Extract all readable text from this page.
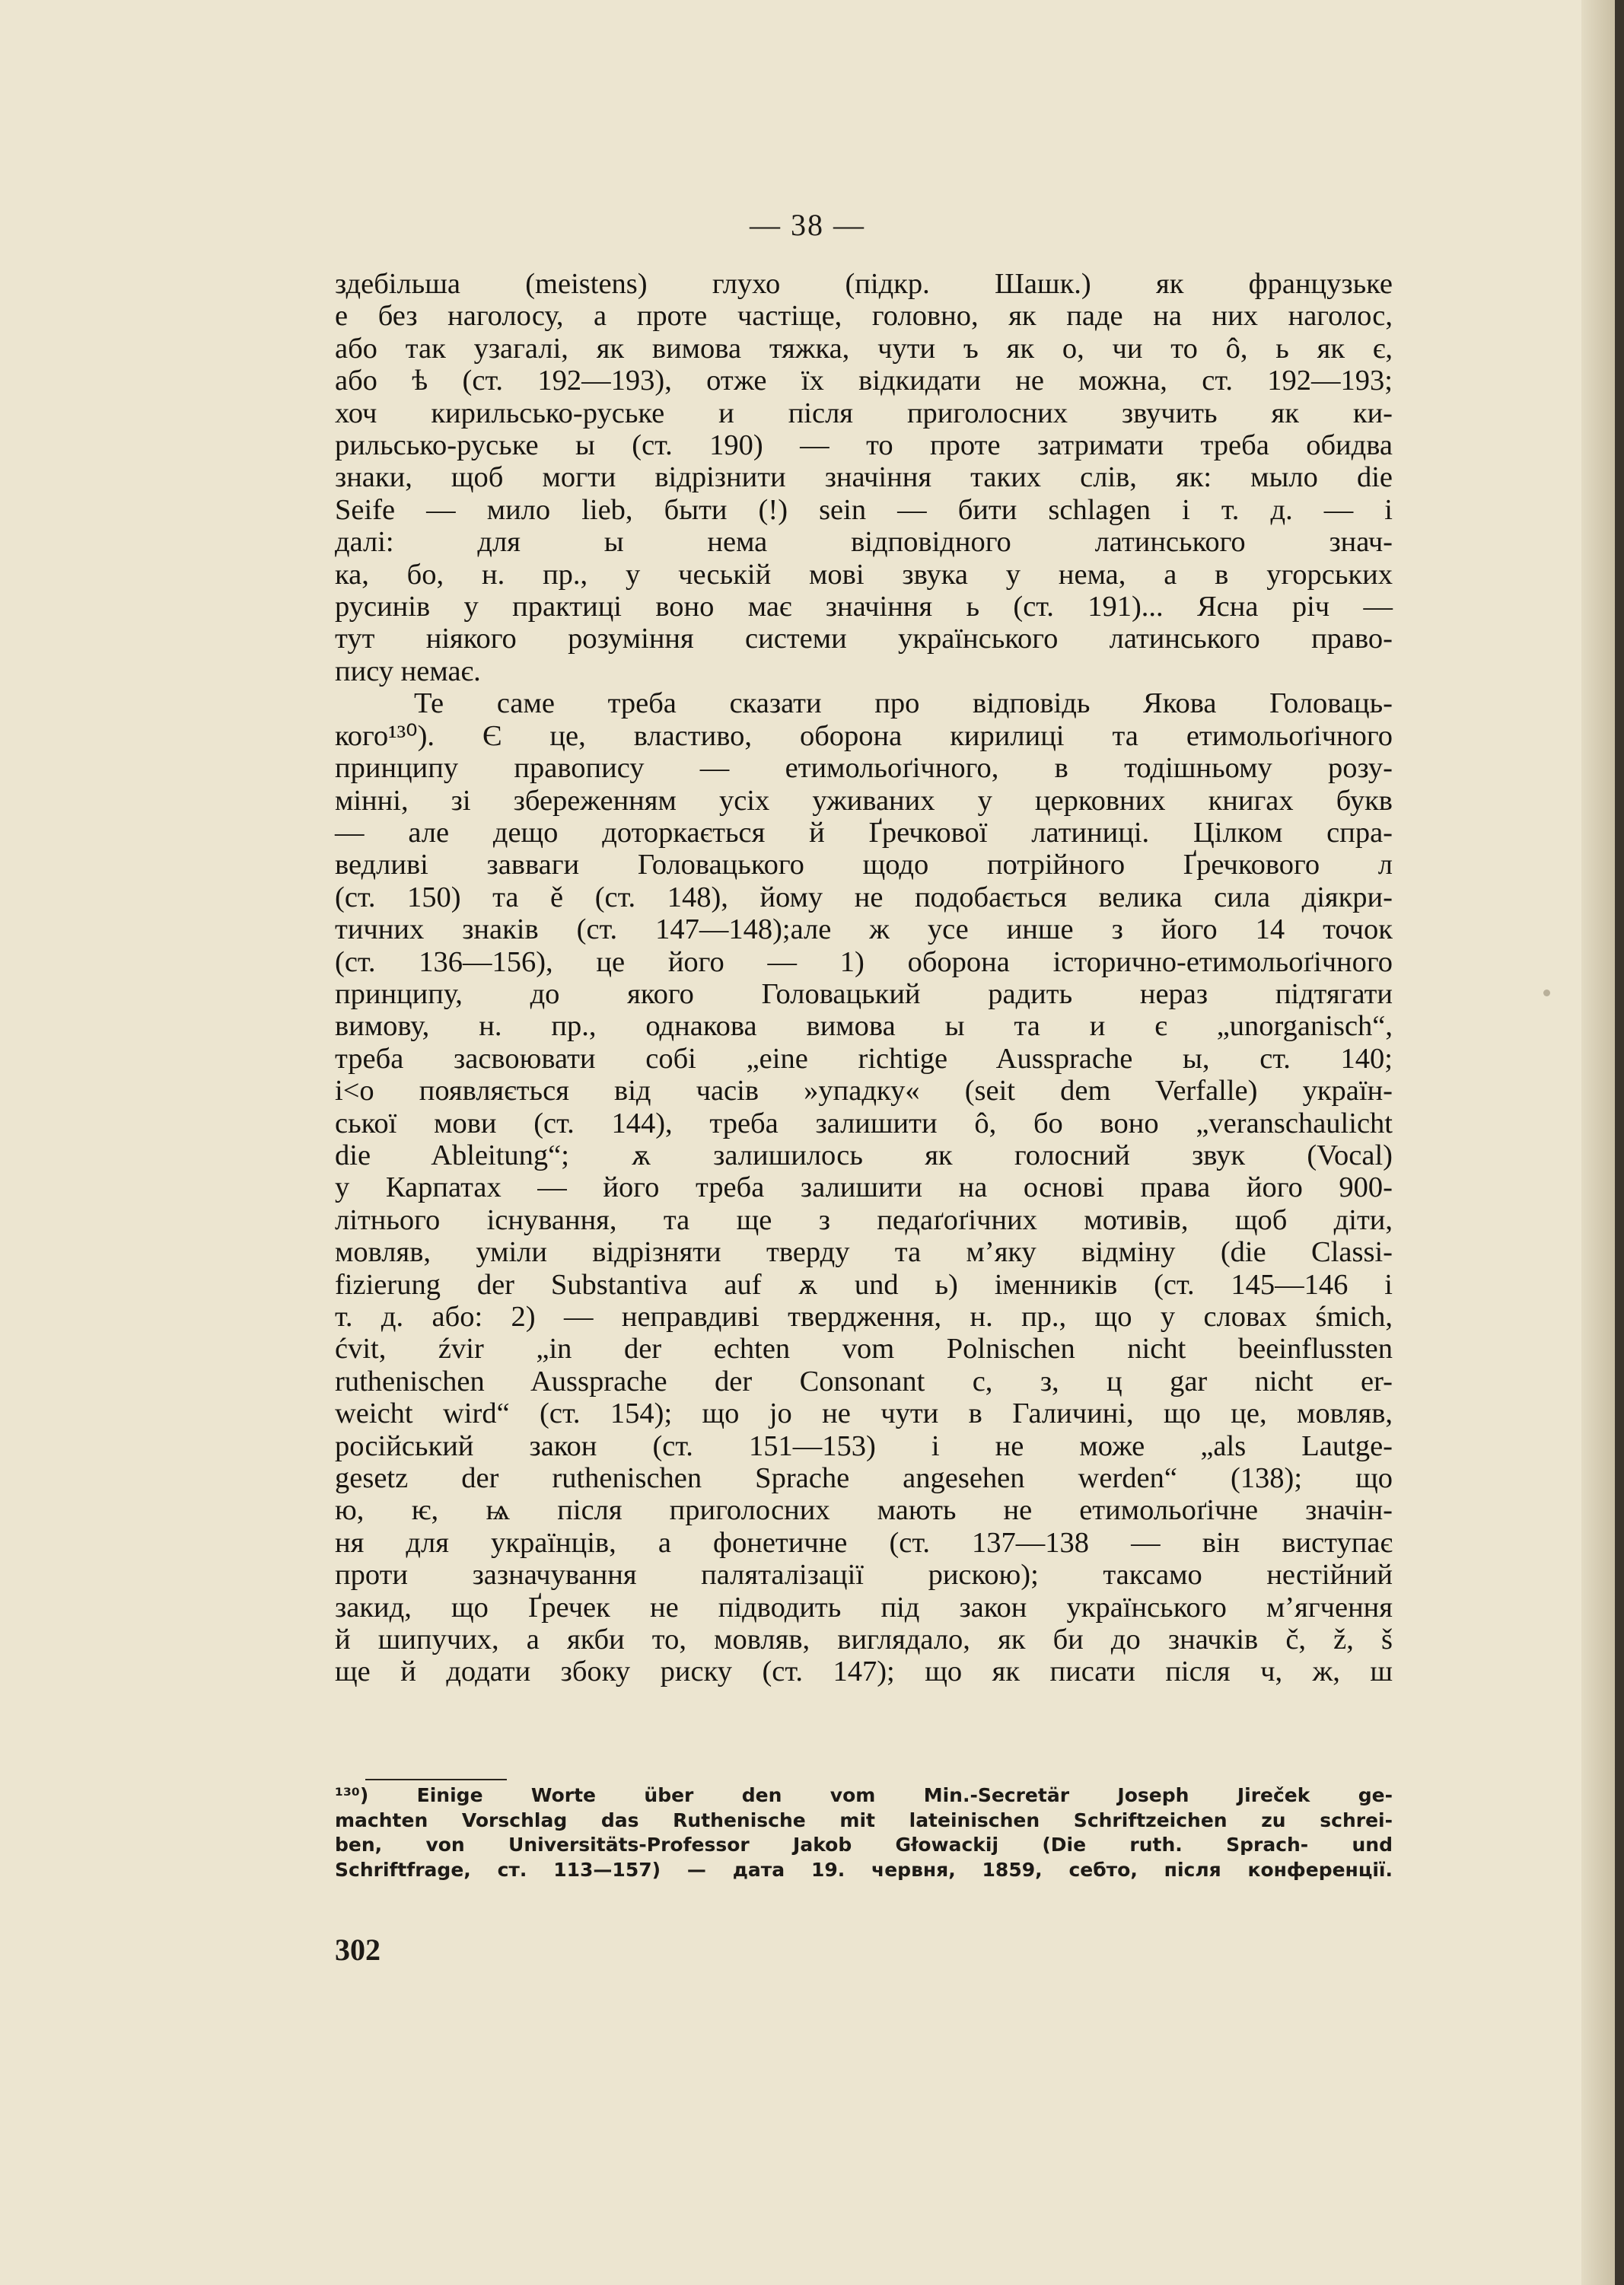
— 38 —
здебільша (meistens) глухо (підкр. Шашк.) як французьке
е без наголосу, а проте частіще, головно, як паде на них наголос,
або так узагалі, як вимова тяжка, чути ъ як о, чи то ô, ь як є,
або ѣ (ст. 192—193), отже їх відкидати не можна, ст. 192—193;
хоч кирильсько-руське и після приголосних звучить як ки-
рильсько-руське ы (ст. 190) — то проте затримати треба обидва
знаки, щоб могти відрізнити значіння таких слів, як: мыло die
Seife — мило lieb, быти (!) sein — бити schlagen і т. д. — і
далі: для ы нема відповідного латинського знач-
ка, бо, н. пр., у чеській мові звука у нема, а в угорських
русинів у практиці воно має значіння ь (ст. 191)... Ясна річ —
тут ніякого розуміння системи українського латинського право-
пису немає.
Те саме треба сказати про відповідь Якова Головаць-
кого¹³⁰). Є це, властиво, оборона кирилиці та етимольоґічного
принципу правопису — етимольоґічного, в тодішньому розу-
мінні, зі збереженням усіх уживаних у церковних книгах букв
— але дещо доторкається й Ґречкової латиниці. Цілком спра-
ведливі завваги Головацького щодо потрійного Ґречкового л
(ст. 150) та ě (ст. 148), йому не подобається велика сила діякри-
тичних знаків (ст. 147—148);але ж усе инше з його 14 точок
(ст. 136—156), це його — 1) оборона історично-етимольоґічного
принципу, до якого Головацький радить нераз підтягати
вимову, н. пр., однакова вимова ы та и є „unorganisch“,
треба засвоювати собі „eine richtige Aussprache ы, ст. 140;
і<о появляється від часів »упадку« (seit dem Verfalle) україн-
ської мови (ст. 144), треба залишити ô, бо воно „veranschaulicht
die Ableitung“; ѫ залишилось як голосний звук (Vocal)
у Карпатах — його треба залишити на основі права його 900-
літнього існування, та ще з педаґоґічних мотивів, щоб діти,
мовляв, уміли відрізняти тверду та м’яку відміну (die Classi-
fizierung der Substantiva auf ѫ und ь) іменників (ст. 145—146 і
т. д. або: 2) — неправдиві твердження, н. пр., що у словах śmich,
ćvit, źvir „in der echten vom Polnischen nicht beeinflussten
ruthenischen Aussprache der Consonant с, з, ц gar nicht er-
weicht wird“ (ст. 154); що jo не чути в Галичині, що це, мовляв,
російський закон (ст. 151—153) і не може „als Lautge-
gesetz der ruthenischen Sprache angesehen werden“ (138); що
ю, ѥ, ѩ після приголосних мають не етимольоґічне значін-
ня для українців, а фонетичне (ст. 137—138 — він виступає
проти зазначування паляталізації рискою); таксамо нестійний
закид, що Ґречек не підводить під закон українського м’ягчення
й шипучих, а якби то, мовляв, виглядало, як би до значків č, ž, š
ще й додати збоку риску (ст. 147); що як писати після ч, ж, ш
¹³⁰) Einige Worte über den vom Min.-Secretär Joseph Jireček ge-
machten Vorschlag das Ruthenische mit lateinischen Schriftzeichen zu schrei-
ben, von Universitäts-Professor Jakob Głowackij (Die ruth. Sprach- und
Schriftfrage, ст. 113—157) — дата 19. червня, 1859, себто, після конференції.
302
